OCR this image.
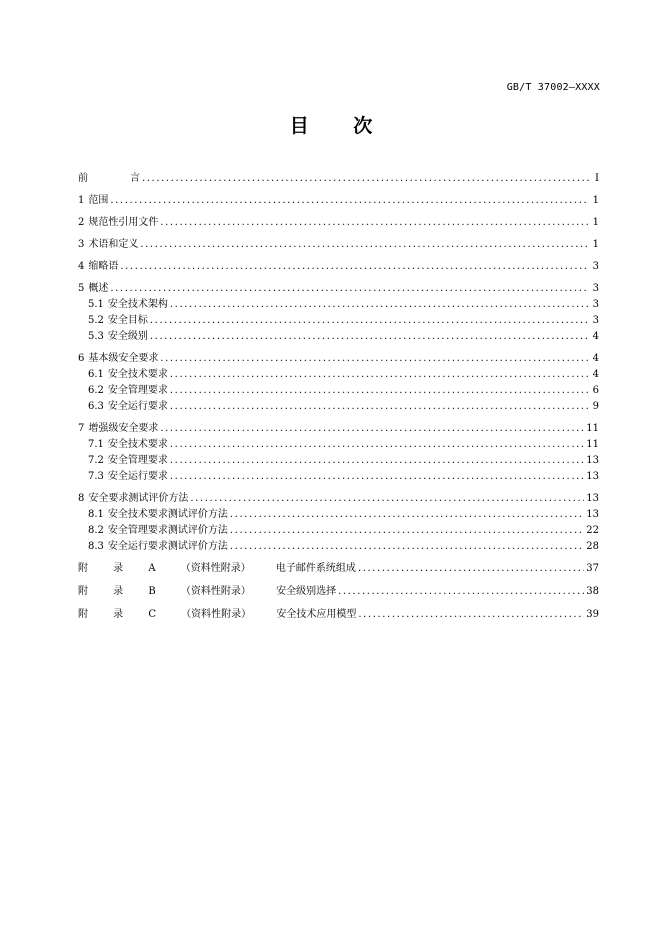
GB/T 37002—XXXX
目 次
前	言 .....	I
1 范围 .....	1
2 规范性引用文件 .....	1
3 术语和定义 .....	1
4 缩略语 .....	3
5 概述 .....	3
5.1 安全技术架构 .....	3
5.2 安全目标 .....	3
5.3 安全级别 .....	4
6 基本级安全要求 .....	4
6.1 安全技术要求 .....	4
6.2 安全管理要求 .....	6
6.3 安全运行要求 .....	9
7 增强级安全要求 .....	11
7.1 安全技术要求 .....	11
7.2 安全管理要求 .....	13
7.3 安全运行要求 .....	13
8 安全要求测试评价方法 .....	13
8.1 安全技术要求测试评价方法 .....	13
8.2 安全管理要求测试评价方法 .....	22
8.3 安全运行要求测试评价方法 .....	28
附 录 A （资料性附录） 电子邮件系统组成 .....	37
附 录 B （资料性附录） 安全级别选择 .....	38
附 录 C （资料性附录） 安全技术应用模型 .....	39
